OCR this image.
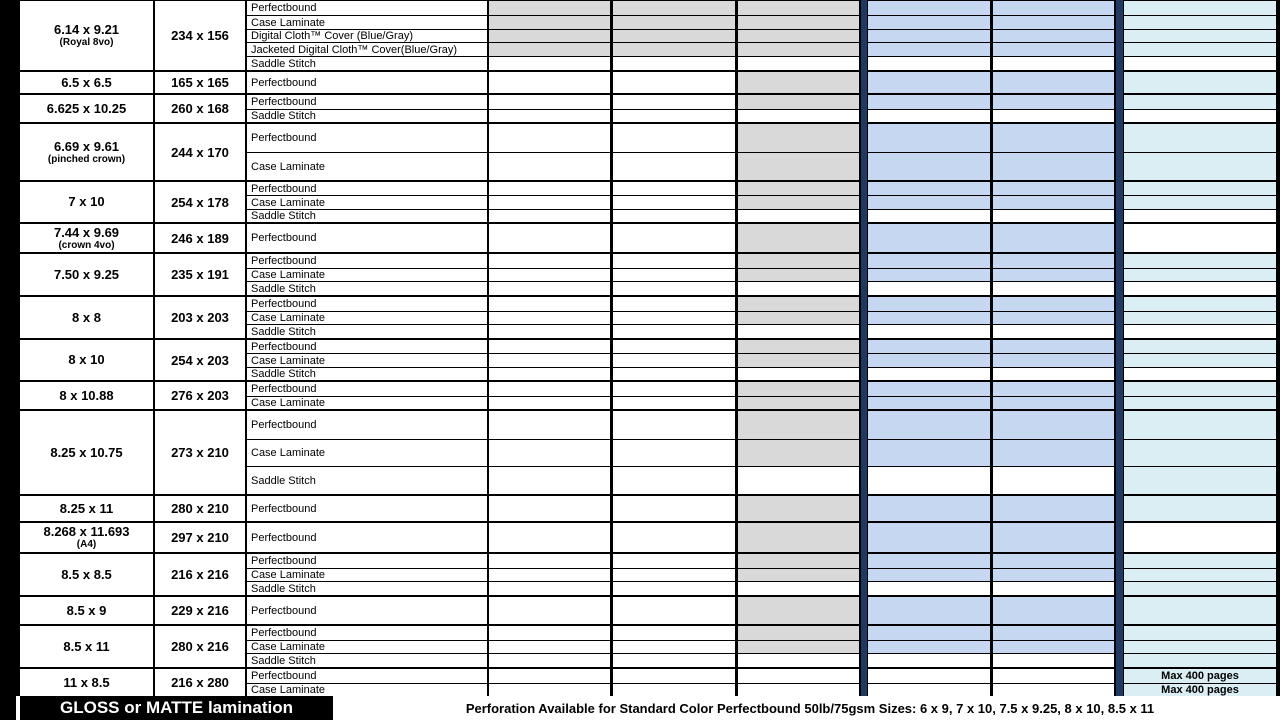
6.14 x 9.21
(Royal 8vo)	234 x 156
Perfectbound
Case Laminate
Digital Cloth™ Cover (Blue/Gray)
Jacketed Digital Cloth™ Cover(Blue/Gray)
Saddle Stitch
6.5 x 6.5	165 x 165	Perfectbound
6.625 x 10.25	260 x 168	Perfectbound
Saddle Stitch
6.69 x 9.61
(pinched crown)	244 x 170
Perfectbound
Case Laminate
7 x 10	254 x 178
Perfectbound
Case Laminate
Saddle Stitch
7.44 x 9.69
(crown 4vo)	246 x 189	Perfectbound
7.50 x 9.25	235 x 191
Perfectbound
Case Laminate
Saddle Stitch
8 x 8	203 x 203
Perfectbound
Case Laminate
Saddle Stitch
8 x 10	254 x 203
Perfectbound
Case Laminate
Saddle Stitch
8 x 10.88	276 x 203	Perfectbound
Case Laminate
8.25 x 10.75	273 x 210
Perfectbound
Case Laminate
Saddle Stitch
8.25 x 11	280 x 210	Perfectbound
8.268 x 11.693
(A4)	297 x 210	Perfectbound
8.5 x 8.5	216 x 216
Perfectbound
Case Laminate
Saddle Stitch
8.5 x 9	229 x 216	Perfectbound
8.5 x 11	280 x 216
Perfectbound
Case Laminate
Saddle Stitch
11 x 8.5	216 x 280	Perfectbound	Max 400 pages
Case Laminate	Max 400 pages
GLOSS or MATTE lamination	Perforation Available for Standard Color Perfectbound 50lb/75gsm Sizes: 6 x 9, 7 x 10, 7.5 x 9.25, 8 x 10, 8.5 x 11
